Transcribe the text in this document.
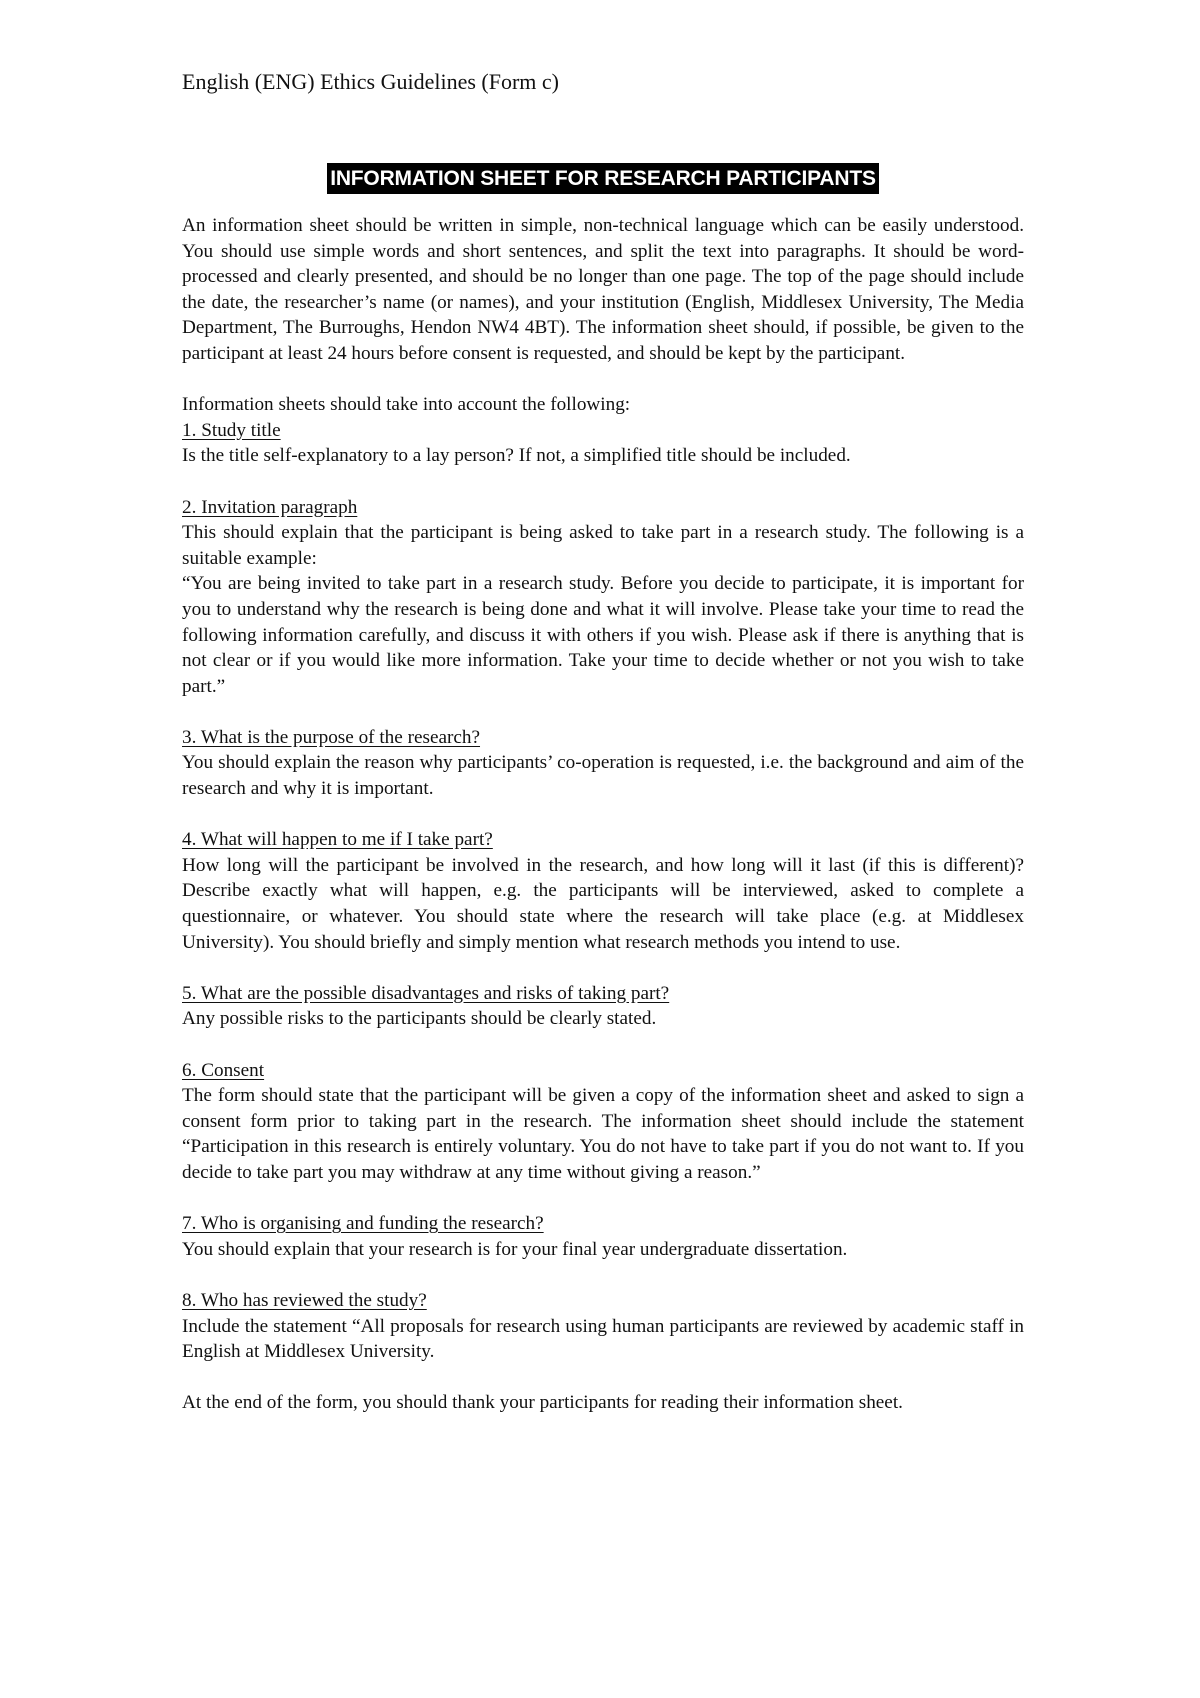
English (ENG) Ethics Guidelines (Form c)

INFORMATION SHEET FOR RESEARCH PARTICIPANTS

An information sheet should be written in simple, non-technical language which can be easily understood. You should use simple words and short sentences, and split the text into paragraphs. It should be word-processed and clearly presented, and should be no longer than one page. The top of the page should include the date, the researcher’s name (or names), and your institution (English, Middlesex University, The Media Department, The Burroughs, Hendon NW4 4BT). The information sheet should, if possible, be given to the participant at least 24 hours before consent is requested, and should be kept by the participant.

Information sheets should take into account the following:

1. Study title

Is the title self-explanatory to a lay person? If not, a simplified title should be included.

2. Invitation paragraph

This should explain that the participant is being asked to take part in a research study. The following is a suitable example:

“You are being invited to take part in a research study. Before you decide to participate, it is important for you to understand why the research is being done and what it will involve. Please take your time to read the following information carefully, and discuss it with others if you wish. Please ask if there is anything that is not clear or if you would like more information. Take your time to decide whether or not you wish to take part.”

3. What is the purpose of the research?

You should explain the reason why participants’ co-operation is requested, i.e. the background and aim of the research and why it is important.

4. What will happen to me if I take part?

How long will the participant be involved in the research, and how long will it last (if this is different)? Describe exactly what will happen, e.g. the participants will be interviewed, asked to complete a questionnaire, or whatever. You should state where the research will take place (e.g. at Middlesex University). You should briefly and simply mention what research methods you intend to use.

5. What are the possible disadvantages and risks of taking part?

Any possible risks to the participants should be clearly stated.

6. Consent

The form should state that the participant will be given a copy of the information sheet and asked to sign a consent form prior to taking part in the research. The information sheet should include the statement “Participation in this research is entirely voluntary. You do not have to take part if you do not want to. If you decide to take part you may withdraw at any time without giving a reason.”

7. Who is organising and funding the research?

You should explain that your research is for your final year undergraduate dissertation.

8. Who has reviewed the study?

Include the statement “All proposals for research using human participants are reviewed by academic staff in English at Middlesex University.

At the end of the form, you should thank your participants for reading their information sheet.
